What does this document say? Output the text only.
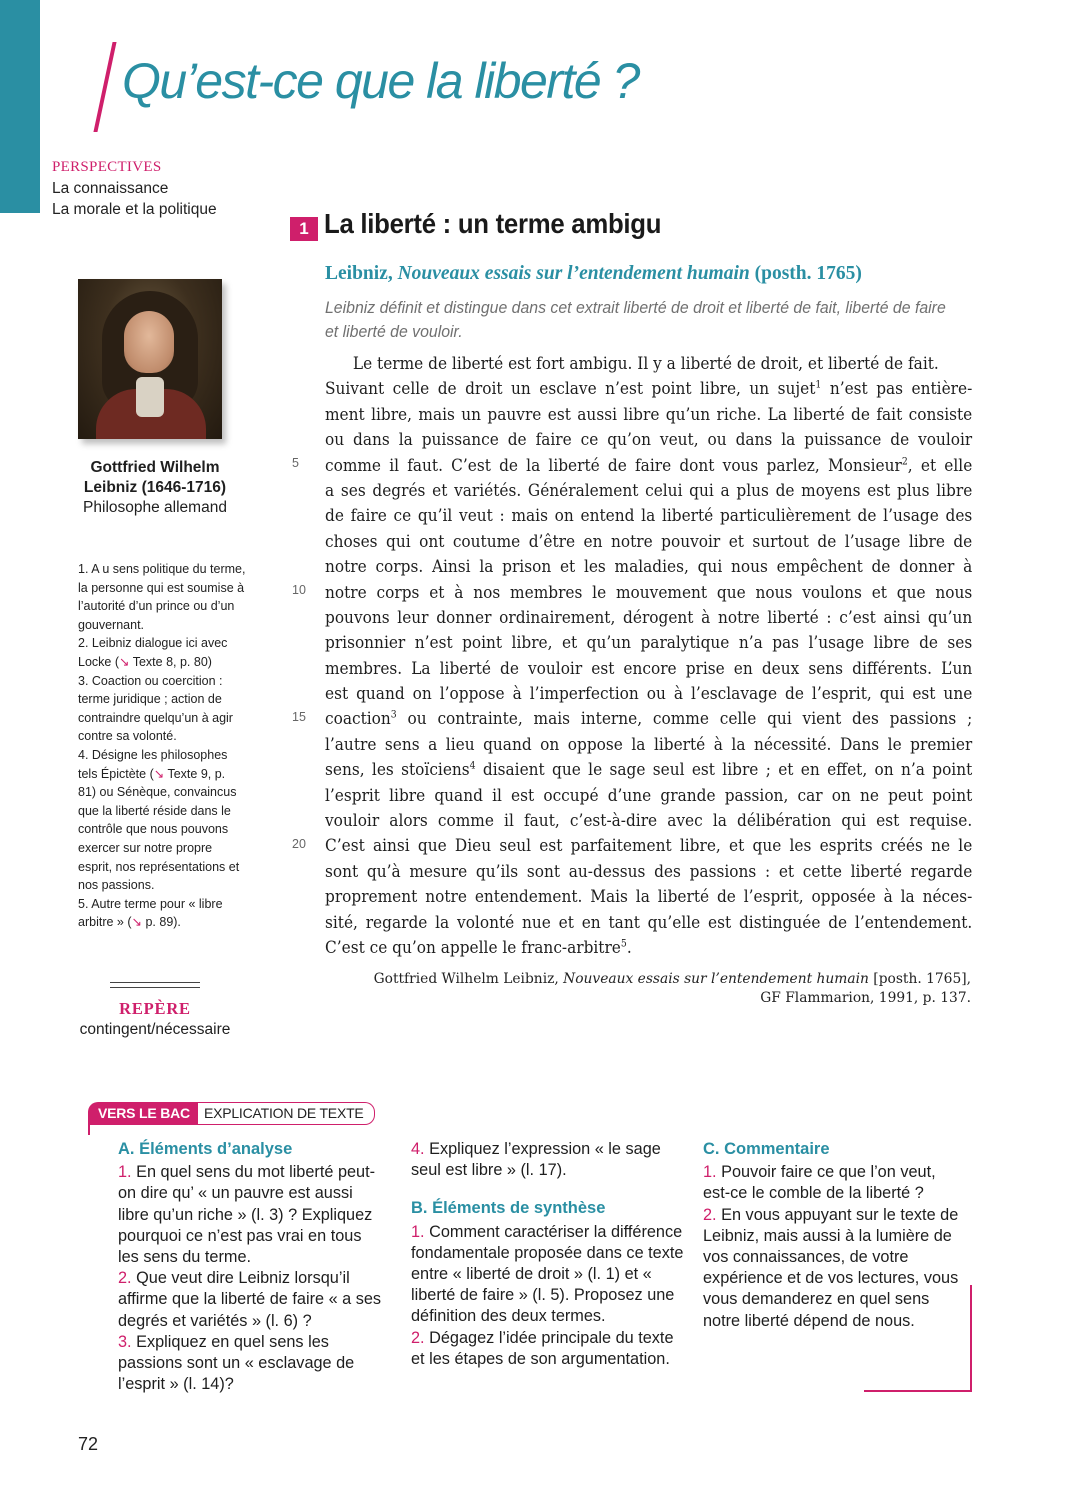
Qu’est-ce que la liberté ?
PERSPECTIVES
La connaissance
La morale et la politique
1 La liberté : un terme ambigu
Leibniz, Nouveaux essais sur l’entendement humain (posth. 1765)
Leibniz définit et distingue dans cet extrait liberté de droit et liberté de fait, liberté de faire et liberté de vouloir.
Gottfried Wilhelm
Leibniz (1646-1716)
Philosophe allemand
1. A u sens politique du terme, la personne qui est soumise à l’autorité d’un prince ou d’un gouvernant.
2. Leibniz dialogue ici avec Locke (↘ Texte 8, p. 80)
3. Coaction ou coercition : terme juridique ; action de contraindre quelqu’un à agir contre sa volonté.
4. Désigne les philosophes tels Épictète (↘ Texte 9, p. 81) ou Sénèque, convaincus que la liberté réside dans le contrôle que nous pouvons exercer sur notre propre esprit, nos représentations et nos passions.
5. Autre terme pour « libre arbitre » (↘ p. 89).
REPÈRE
contingent/nécessaire
5
10
15
20
Le terme de liberté est fort ambigu. Il y a liberté de droit, et liberté de fait.
Suivant celle de droit un esclave n’est point libre, un sujet$^1$ n’est pas entière-
ment libre, mais un pauvre est aussi libre qu’un riche. La liberté de fait consiste
ou dans la puissance de faire ce qu’on veut, ou dans la puissance de vouloir
comme il faut. C’est de la liberté de faire dont vous parlez, Monsieur$^2$, et elle
a ses degrés et variétés. Généralement celui qui a plus de moyens est plus libre
de faire ce qu’il veut : mais on entend la liberté particulièrement de l’usage des
choses qui ont coutume d’être en notre pouvoir et surtout de l’usage libre de
notre corps. Ainsi la prison et les maladies, qui nous empêchent de donner à
notre corps et à nos membres le mouvement que nous voulons et que nous
pouvons leur donner ordinairement, dérogent à notre liberté : c’est ainsi qu’un
prisonnier n’est point libre, et qu’un paralytique n’a pas l’usage libre de ses
membres. La liberté de vouloir est encore prise en deux sens différents. L’un
est quand on l’oppose à l’imperfection ou à l’esclavage de l’esprit, qui est une
coaction$^3$ ou contrainte, mais interne, comme celle qui vient des passions ;
l’autre sens a lieu quand on oppose la liberté à la nécessité. Dans le premier
sens, les stoïciens$^4$ disaient que le sage seul est libre ; et en effet, on n’a point
l’esprit libre quand il est occupé d’une grande passion, car on ne peut point
vouloir alors comme il faut, c’est-à-dire avec la délibération qui est requise.
C’est ainsi que Dieu seul est parfaitement libre, et que les esprits créés ne le
sont qu’à mesure qu’ils sont au-dessus des passions : et cette liberté regarde
proprement notre entendement. Mais la liberté de l’esprit, opposée à la néces-
sité, regarde la volonté nue et en tant qu’elle est distinguée de l’entendement.
C’est ce qu’on appelle le franc-arbitre$^5$.
Gottfried Wilhelm Leibniz, Nouveaux essais sur l’entendement humain [posth. 1765],
GF Flammarion, 1991, p. 137.
VERS LE BAC	EXPLICATION DE TEXTE
A. Éléments d’analyse
1. En quel sens du mot liberté peut-on dire qu’ « un pauvre est aussi libre qu’un riche » (l. 3) ? Expliquez pourquoi ce n’est pas vrai en tous les sens du terme.
2. Que veut dire Leibniz lorsqu’il affirme que la liberté de faire « a ses degrés et variétés » (l. 6) ?
3. Expliquez en quel sens les passions sont un « esclavage de l’esprit » (l. 14)?
4. Expliquez l’expression « le sage seul est libre » (l. 17).
B. Éléments de synthèse
1. Comment caractériser la différence fondamentale proposée dans ce texte entre « liberté de droit » (l. 1) et « liberté de faire » (l. 5). Proposez une définition des deux termes.
2. Dégagez l’idée principale du texte et les étapes de son argumentation.
C. Commentaire
1. Pouvoir faire ce que l’on veut, est-ce le comble de la liberté ?
2. En vous appuyant sur le texte de Leibniz, mais aussi à la lumière de vos connaissances, de votre expérience et de vos lectures, vous vous demanderez en quel sens notre liberté dépend de nous.
72
